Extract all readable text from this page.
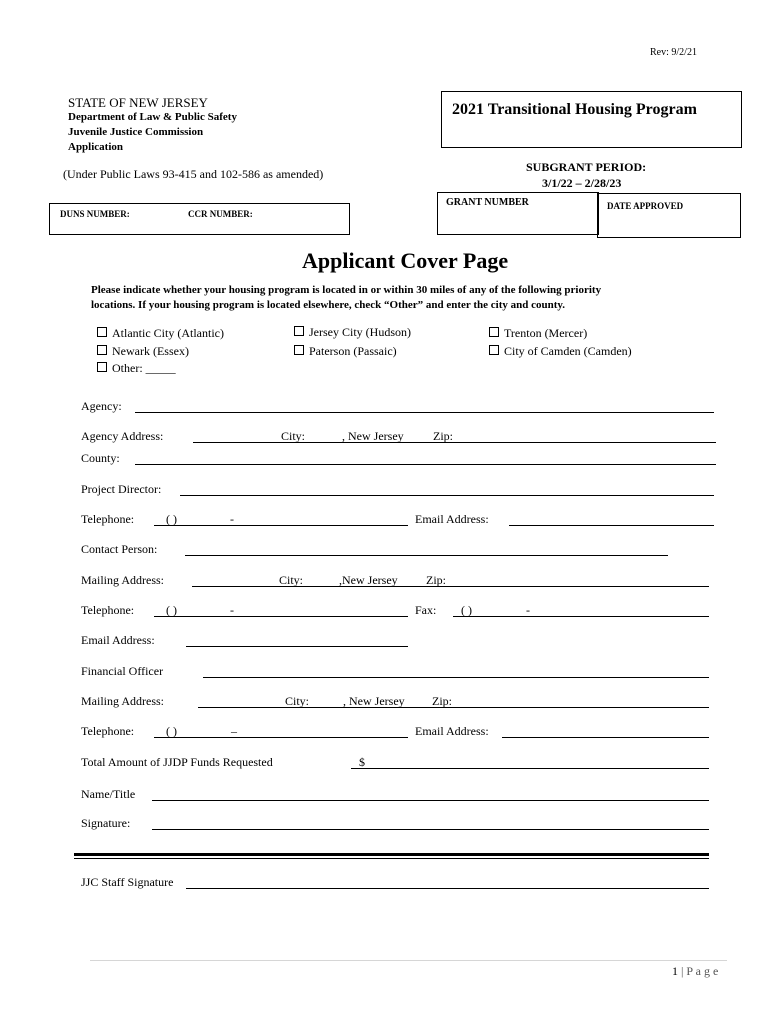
Rev: 9/2/21
STATE OF NEW JERSEY
Department of Law & Public Safety
Juvenile Justice Commission
Application
(Under Public Laws 93-415 and 102-586 as amended)
2021 Transitional Housing Program
SUBGRANT PERIOD:
3/1/22 – 2/28/23
DUNS NUMBER:	CCR NUMBER:
GRANT NUMBER	DATE APPROVED
Applicant Cover Page
Please indicate whether your housing program is located in or within 30 miles of any of the following priority
locations. If your housing program is located elsewhere, check “Other” and enter the city and county.
Atlantic City (Atlantic)
Newark (Essex)
Other: _____
Jersey City (Hudson)
Paterson (Passaic)
Trenton (Mercer)
City of Camden (Camden)
Agency:
Agency Address:	City:	, New Jersey Zip:
County:
Project Director:
Telephone:	( )	-	Email Address:
Contact Person:
Mailing Address:	City:	,New Jersey Zip:
Telephone:	( )	-	Fax: ( )	-
Email Address:
Financial Officer
Mailing Address:	City:	, New Jersey Zip:
Telephone:	( )	–	Email Address:
Total Amount of JJDP Funds Requested	$
Name/Title
Signature:
JJC Staff Signature
1 | P a g e
